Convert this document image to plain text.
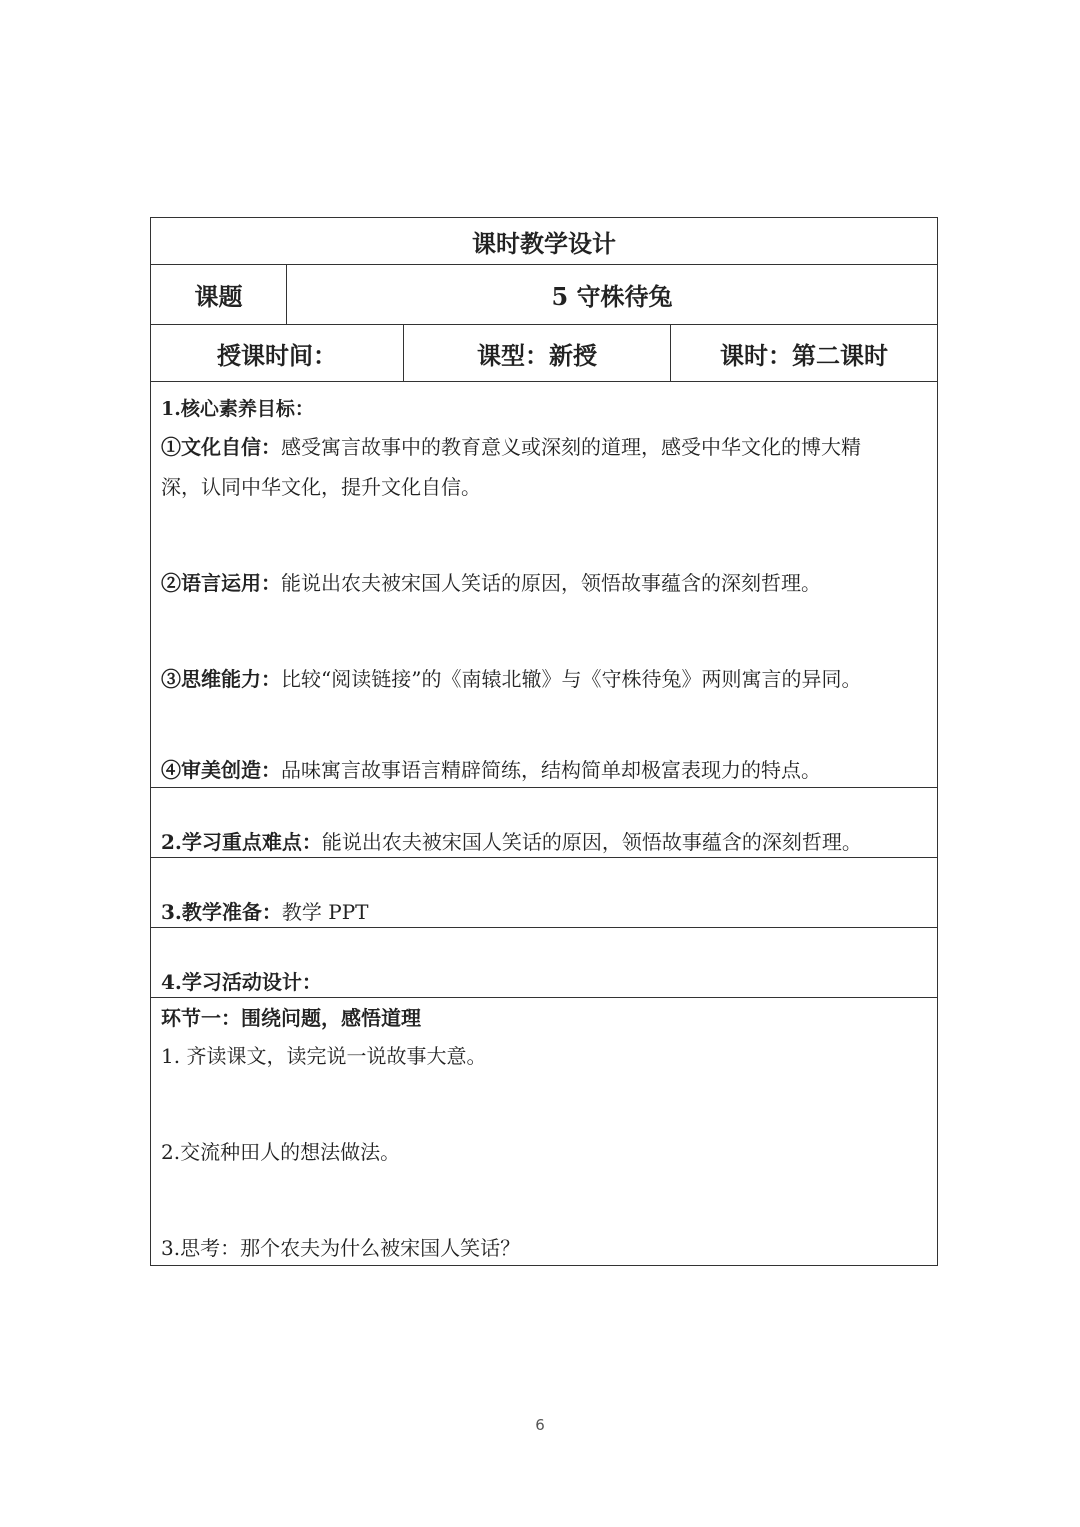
课时教学设计
课题	5 守株待兔
授课时间：	课型：新授	课时：第二课时
1.核心素养目标：
①文化自信：感受寓言故事中的教育意义或深刻的道理，感受中华文化的博大精
深，认同中华文化，提升文化自信。
②语言运用：能说出农夫被宋国人笑话的原因，领悟故事蕴含的深刻哲理。
③思维能力：比较“阅读链接”的《南辕北辙》与《守株待兔》两则寓言的异同。
④审美创造：品味寓言故事语言精辟简练，结构简单却极富表现力的特点。
2.学习重点难点：能说出农夫被宋国人笑话的原因，领悟故事蕴含的深刻哲理。
3.教学准备：教学 PPT
4.学习活动设计：
环节一：围绕问题，感悟道理
1. 齐读课文，读完说一说故事大意。
2.交流种田人的想法做法。
3.思考：那个农夫为什么被宋国人笑话？
6
